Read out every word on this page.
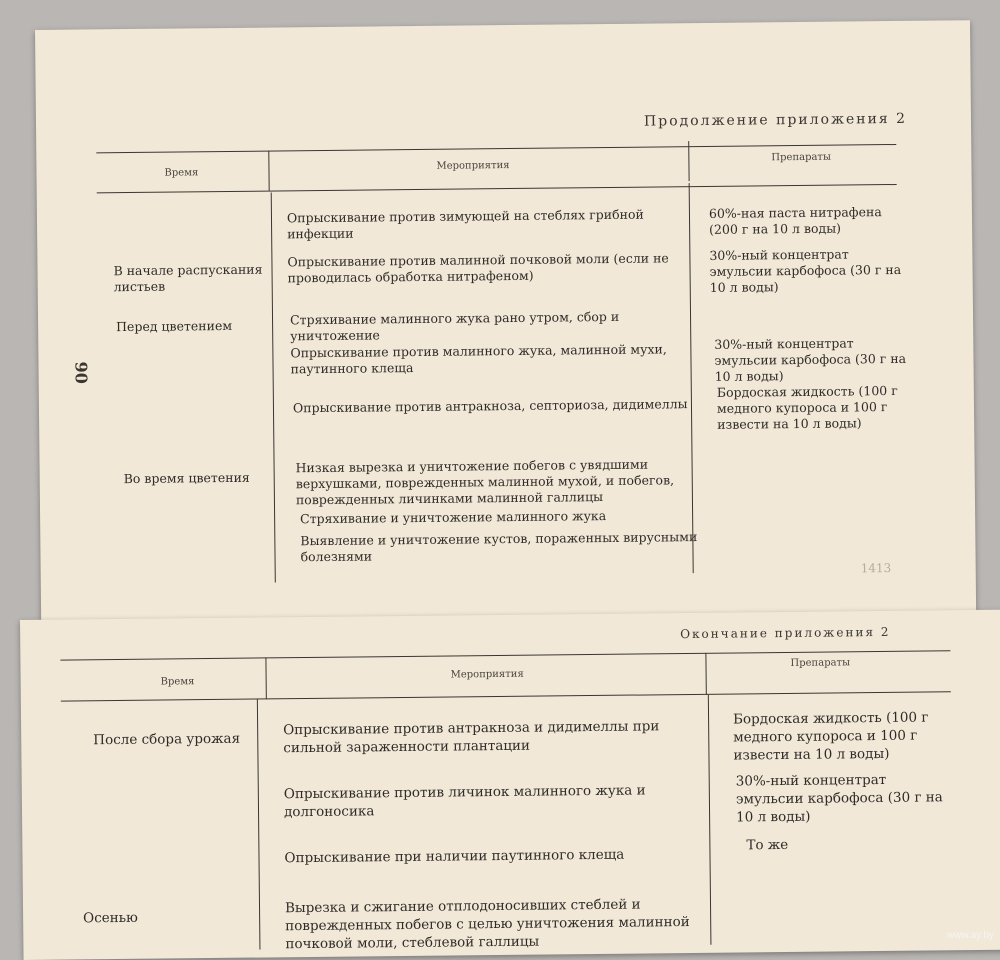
Продолжение приложения 2
Время
Мероприятия
Препараты
90
В начале распускания листьев
Перед цветением
Во время цветения
Опрыскивание против зимующей на стеблях грибной инфекции
Опрыскивание против малинной почковой моли (если не проводилась обработка нитрафеном)
Стряхивание малинного жука рано утром, сбор и уничтожение
Опрыскивание против малинного жука, малинной мухи, паутинного клеща
Опрыскивание против антракноза, септориоза, дидимеллы
Низкая вырезка и уничтожение побегов с увядшими верхушками, поврежденных малинной мухой, и побегов, поврежденных личинками малинной галлицы
Стряхивание и уничтожение малинного жука
Выявление и уничтожение кустов, пораженных вирусными болезнями
60%-ная паста нитрафена (200 г на 10 л воды)
30%-ный концентрат эмульсии карбофоса (30 г на 10 л воды)
30%-ный концентрат эмульсии карбофоса (30 г на 10 л воды)
Бордоская жидкость (100 г медного купороса и 100 г извести на 10 л воды)
1413
Окончание приложения 2
Время
Мероприятия
Препараты
После сбора урожая
Осенью
Опрыскивание против антракноза и дидимеллы при сильной зараженности плантации
Опрыскивание против личинок малинного жука и долгоносика
Опрыскивание при наличии паутинного клеща
Вырезка и сжигание отплодоносивших стеблей и поврежденных побегов с целью уничтожения малинной почковой моли, стеблевой галлицы
Бордоская жидкость (100 г медного купороса и 100 г извести на 10 л воды)
30%-ный концентрат эмульсии карбофоса (30 г на 10 л воды)
То же
www.ay.by
